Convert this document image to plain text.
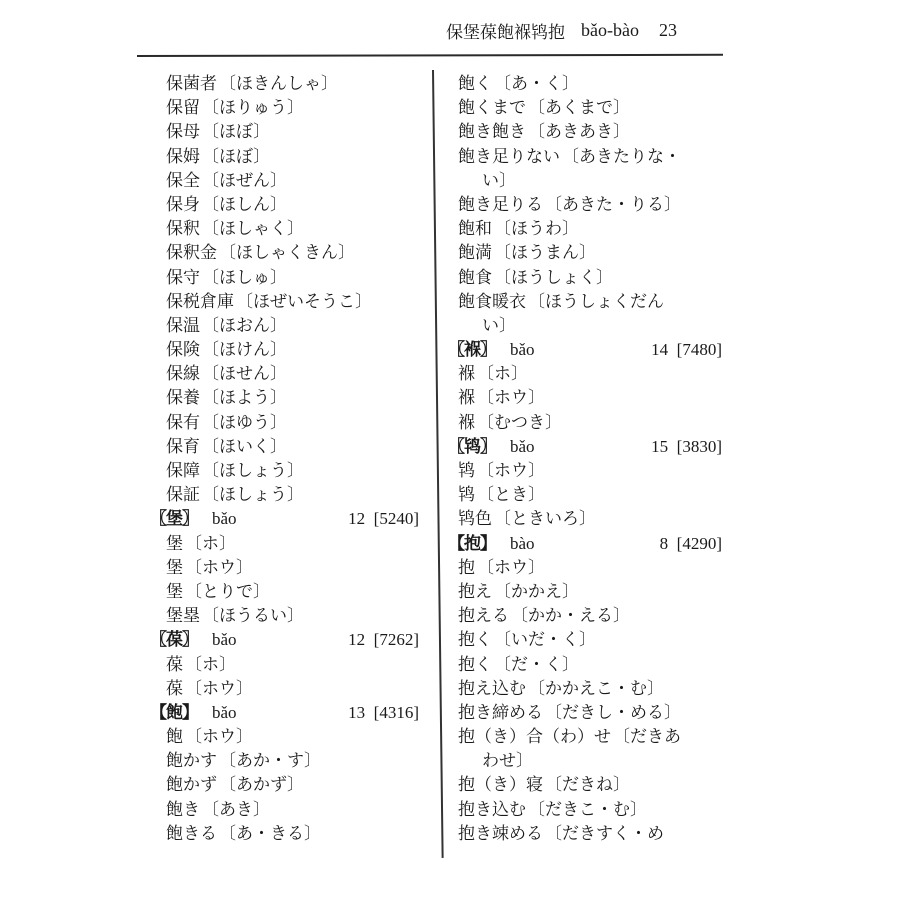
保堡葆飽褓鸨抱 bǎo-bào 23
保菌者 〔ほきんしゃ〕
保留 〔ほりゅう〕
保母 〔ほぼ〕
保姆 〔ほぼ〕
保全 〔ほぜん〕
保身 〔ほしん〕
保釈 〔ほしゃく〕
保釈金 〔ほしゃくきん〕
保守 〔ほしゅ〕
保税倉庫 〔ほぜいそうこ〕
保温 〔ほおん〕
保険 〔ほけん〕
保線 〔ほせん〕
保養 〔ほよう〕
保有 〔ほゆう〕
保育 〔ほいく〕
保障 〔ほしょう〕
保証 〔ほしょう〕
〖堡〗 bǎo	12 [5240]
堡 〔ホ〕
堡 〔ホウ〕
堡 〔とりで〕
堡塁 〔ほうるい〕
〖葆〗 bǎo	12 [7262]
葆 〔ホ〕
葆 〔ホウ〕
【飽】 bǎo	13 [4316]
飽 〔ホウ〕
飽かす 〔あか・す〕
飽かず 〔あかず〕
飽き 〔あき〕
飽きる 〔あ・きる〕
飽く 〔あ・く〕
飽くまで 〔あくまで〕
飽き飽き 〔あきあき〕
飽き足りない 〔あきたりな・
い〕
飽き足りる 〔あきた・りる〕
飽和 〔ほうわ〕
飽満 〔ほうまん〕
飽食 〔ほうしょく〕
飽食暖衣 〔ほうしょくだん
い〕
〖褓〗 bǎo	14 [7480]
褓 〔ホ〕
褓 〔ホウ〕
褓 〔むつき〕
〖鸨〗 bǎo	15 [3830]
鸨 〔ホウ〕
鸨 〔とき〕
鸨色 〔ときいろ〕
【抱】 bào	8 [4290]
抱 〔ホウ〕
抱え 〔かかえ〕
抱える 〔かか・える〕
抱く 〔いだ・く〕
抱く 〔だ・く〕
抱え込む 〔かかえこ・む〕
抱き締める 〔だきし・める〕
抱（き）合（わ）せ 〔だきあ
わせ〕
抱（き）寝 〔だきね〕
抱き込む 〔だきこ・む〕
抱き竦める 〔だきすく・め
